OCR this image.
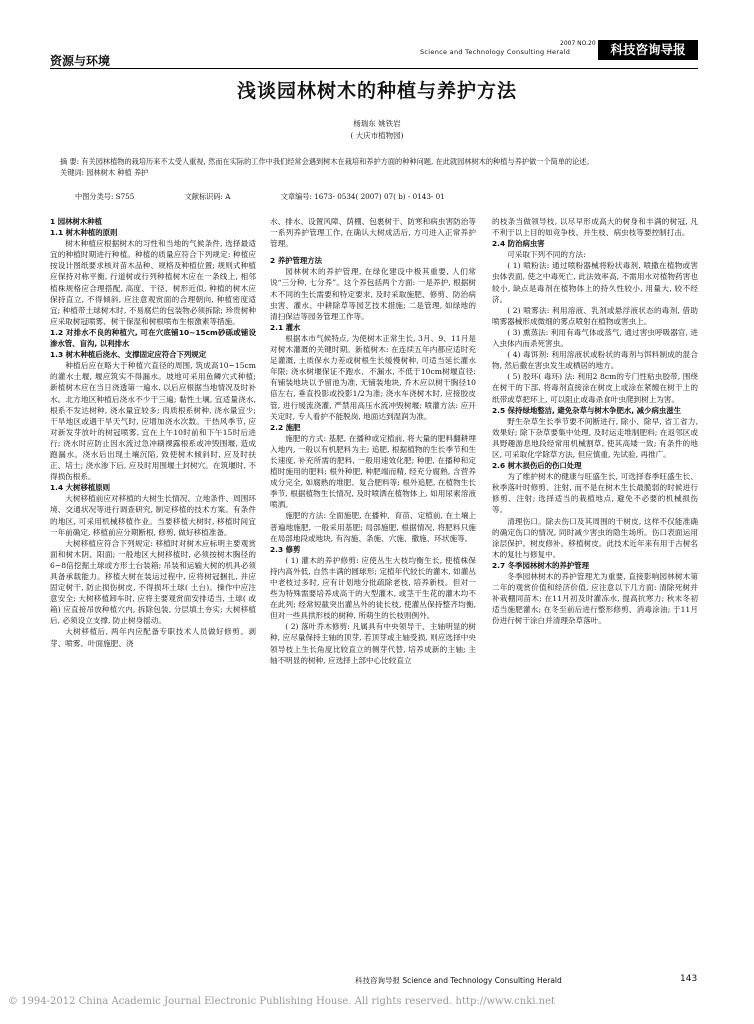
资源与环境
2007 NO.20
Science and Technology Consulting Herald	科技咨询导报
浅谈园林树木的种植与养护方法
杨瑞东 姚铁岩
( 大庆市植物园)
摘 要: 有关园林植物的栽培历来不太受人重视, 然而在实际的工作中我们经常会遇到树木在栽培和养护方面的种种问题, 在此就园林树木的种植与养护做一个简单的论述。
关键词: 园林树木 种植 养护
中图分类号: S755	文献标识码: A	文章编号: 1673- 0534( 2007) 07( b) - 0143- 01

1 园林树木种植

1.1 树木种植的原则

树木种植应根据树木的习性和当地的气候条件, 选择最适宜的种植时期进行种植。种植的质量应符合下列规定: 种植应按设计图纸要求核对苗木品种、规格及种植位置; 规则式种植应保持对称平衡, 行道树或行列种植树木应在一条线上, 相邻植株规格应合理搭配, 高度、干径、树形近似, 种植的树木应保持直立, 不得倾斜, 应注意观赏面的合理朝向, 种植密度适宜; 种植带土球树木时, 不易腐烂的包装物必须拆除; 珍贵树种应采取树冠喷雾、树干保湿和树根喷布生根激素等措施。

1.2 对排水不良的种植穴, 可在穴底铺10~15cm砂砾或铺设渗水管、盲沟, 以利排水

1.3 树木种植后浇水、支撑固定应符合下列规定

种植后应在略大于种植穴直径的周围, 筑成高10~15cm的灌水土堰, 堰应筑实不得漏水。坡地可采用鱼鳞穴式种植; 新植树木应在当日浇透第一遍水, 以后应根据当地情况及时补水。北方地区种植后浇水不少于三遍; 黏性土壤, 宜适量浇水, 根系不发达树种, 浇水量宜较多; 肉质根系树种, 浇水量宜少; 干旱地区或遇干旱天气时, 应增加浇水次数。干热风季节, 应对新发芽放叶的树冠喷雾, 宜在上午10时前和下午15时后进行; 浇水时应防止因水流过急冲刷裸露根系或冲毁围堰, 造成跑漏水。浇水后出现土壤沉陷, 致使树木倾斜时, 应及时扶正、培土; 浇水渗下后, 应及时用围堰土封树穴。在筑堰时, 不得损伤根系。

1.4 大树移植原则

大树移植前应对移植的大树生长情况、立地条件、周围环境、交通状况等进行调查研究, 制定移植的技术方案。有条件的地区, 可采用机械移植作业。当要移植大树时, 移植时间宜一年前确定, 移植前应分期断根, 修剪, 做好移植准备。

大树移植应符合下列规定: 移植时对树木应标明主要观赏面和树木阴、阳面; 一般地区大树移植时, 必须按树木胸径的6~8倍挖掘土球或方形土台装箱; 吊装和运输大树的机具必须具备承载能力。移植大树在装运过程中, 应将树冠捆扎, 并应固定树干, 防止损伤树皮, 不得损坏土球( 土台)。操作中应注意安全; 大树移植卸车时, 应将主要观赏面安排适当, 土球( 或箱) 应直接吊放种植穴内, 拆除包装, 分层填土夯实; 大树移植后, 必须设立支撑, 防止树身摇动。

大树移植后, 两年内应配备专职技术人员做好修剪、剥芽、喷雾、叶面施肥、浇

水、排水、设置风障、荫棚、包裹树干、防寒和病虫害防治等一系列养护管理工作, 在确认大树成活后, 方可进入正常养护管理。

2 养护管理方法

园林树木的养护管理, 在绿化建设中极其重要, 人们常说“三分种, 七分养”。这个养包括两个方面: 一是养护, 根据树木不同的生长需要和特定要求, 及时采取施肥、修剪、防治病虫害、灌水、中耕除草等园艺技术措施; 二是管理, 如绿地的清扫保洁等园务管理工作等。

2.1 灌水

根据本市气候特点, 为使树木正常生长, 3月、9、11月是对树木灌溉的关键时期。新植树木: 在连续五年内都应适时充足灌溉, 土质保水力差或树根生长缓慢树种, 可适当延长灌水年限; 浇水树堰保证不跑水、不漏水, 不低于10cm树堰直径: 有铺装地块以予留池为准, 无铺装地块, 乔木应以树干胸径10倍左右, 垂直投影或投影1/2为准; 浇水车浇树木时, 应接胶皮管, 进行缓流浇灌, 严禁用高压水流冲毁树堰; 喷灌方法: 应开关定时, 专人看护不能脱岗, 地面达到湿润为准。

2.2 施肥

施肥的方式: 基肥, 在播种或定植前, 将大量的肥料翻耕埋入地内, 一般以有机肥料为主; 追肥, 根据植物的生长季节和生长速度, 补充所需的肥料, 一般用速效化肥; 种肥, 在播种和定植时施用的肥料; 根外种肥, 种肥端而精, 经充分腐熟, 含营养成分完全, 如腐熟的堆肥、复合肥料等; 根外追肥, 在植物生长季节, 根据植物生长情况, 及时喷洒在植物体上, 如用尿素溶液喷洒。

施肥的方法: 全面施肥, 在播种、育苗、定植前, 在土壤上普遍地施肥, 一般采用基肥; 局部施肥, 根据情况, 将肥料只施在局部地段或地块, 有沟施、条施、穴施、撒施、环状施等。

2.3 修剪

( 1) 灌木的养护修剪: 应使丛生大枝均衡生长, 使植株保持内高外低, 自然丰满的圆球形; 定植年代较长的灌木, 如灌丛中老枝过多时, 应有计划地分批疏除老枝, 培养新枝。但对一些为特殊需要培养成高干的大型灌木, 或茎干生花的灌木均不在此列; 经常短截突出灌丛外的徒长枝, 使灌丛保持整齐均衡, 但对一些具拱形枝的树种, 所萌生的长枝则例外。

( 2) 落叶乔木修剪: 凡属具有中央领导干、主轴明显的树种, 应尽量保持主轴的顶芽, 若顶芽或主轴受损, 则应选择中央领导枝上生长角度比较直立的侧芽代替, 培养成新的主轴; 主轴不明显的树种, 应选择上部中心比较直立

的枝条当做领导枝, 以尽早形成高大的树身和丰满的树冠, 凡不利于以上目的如竞争枝、并生枝、病虫枝等要控制打击。

2.4 防治病虫害

可采取下列不同的方法:

( 1) 喷粉法: 通过喷粉器械将粉状毒剂, 喷撒在植物或害虫体表面, 使之中毒死亡, 此法效率高, 不需用水对植物药害也较小, 缺点是毒剂在植物体上的持久性较小, 用量大, 较不经济。

( 2) 喷雾法: 利用溶液、乳剂或悬浮液状态的毒剂, 借助喷雾器械形成微细的雾点喷射在植物或害虫上。

( 3) 熏蒸法: 利用有毒气体或蒸气, 通过害虫呼吸器官, 进入虫体内而杀死害虫。

( 4) 毒饵剂: 利用溶液状或粉状的毒剂与饵料制成的混合物, 然后撒在害虫发生或栖居的地方。

( 5) 胶环( 毒环) 法: 利用2 8cm的专门性粘虫胶带, 围绕在树干的下部, 将毒剂直接涂在树皮上或涂在紧缠在树干上的纸带或草把环上, 可以阻止或毒杀食叶虫爬到树上为害。

2.5 保持绿地整洁, 避免杂草与树木争肥水, 减少病虫滋生

野生杂草生长季节要不间断进行, 除小、除早, 省工省力, 效果好; 除下杂草要集中处理, 及时运走堆制肥料; 在返邻区或具野趣游息地段经常用机械割草, 使其高矮一致; 有条件的地区, 可采取化学除草方法, 但应慎重, 先试验, 再推广。

2.6 树木损伤后的伤口处理

为了维护树木的健康与旺盛生长, 可选择春季旺盛生长、秋季落叶时修剪、注射, 而不是在树木生长最脆弱的时候进行修剪、注射; 选择适当的栽植地点, 避免不必要的机械损伤等。

清理伤口。除去伤口及其周围的干树皮, 这样不仅能准确的确定伤口的情况, 同时减少害虫的隐生场所。伤口表面运用涂层保护。树皮修补。移植树皮。此技术近年来有用于古树名木的复壮与修复中。

2.7 冬季园林树木的养护管理

冬季园林树木的养护管理尤为重要, 直接影响园林树木第二年的观赏价值和经济价值, 应注意以下几方面: 清除死树并补栽棚同苗木; 在11月初及时灌冻水, 提高抗寒力; 秋末冬初适当施肥灌水; 在冬至前后进行整形修剪、消毒涂油; 于11月份进行树干涂白并清理杂草落叶。

科技咨询导报 Science and Technology Consulting Herald	143
© 1994-2012 China Academic Journal Electronic Publishing House. All rights reserved. http://www.cnki.net
